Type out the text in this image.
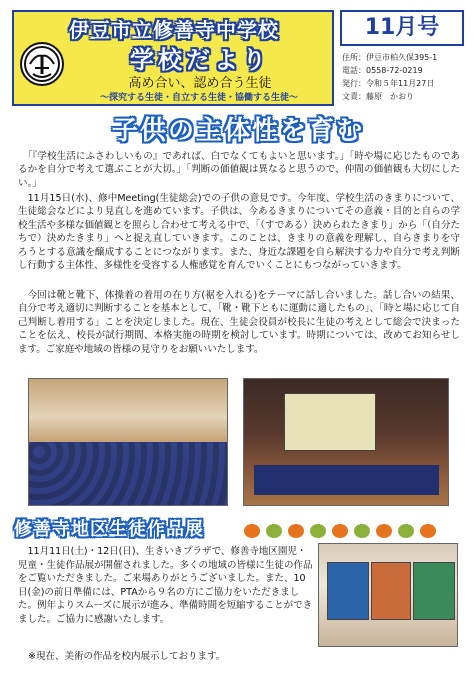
伊豆市立修善寺中学校
学校だより
高め合い、認め合う生徒
～探究する生徒・自立する生徒・協働する生徒～
11月号
住所：伊豆市柏久保395-1
電話：0558-72-0219
発行：令和５年11月27日
文責：藤原　かおり
子供の主体性を育む
　「『学校生活にふさわしいもの』であれば、白でなくてもよいと思います。」「時や場に応じたものであるかを自分で考えて選ぶことが大切。」「判断の価値観は異なると思うので、仲間の価値観も大切にしたい。」
　11月15日(水)、修中Meeting(生徒総会)での子供の意見です。今年度、学校生活のきまりについて、生徒総会などにより見直しを進めています。子供は、今あるきまりについてその意義・目的と自らの学校生活や多様な価値観とを照らし合わせて考える中で、「（すである）決められたきまり」から「（自分たちで）決めたきまり」へと捉え直していきます。このことは、きまりの意義を理解し、自らきまりを守ろうとする意識を醸成することにつながります。また、身近な課題を自ら解決する力や自分で考え判断し行動する主体性、多様性を受容する人権感覚を育んでいくことにもつながっていきます。
　今回は靴と靴下、体操着の着用の在り方(裾を入れる)をテーマに話し合いました。話し合いの結果、自分で考え適切に判断することを基本として、「靴・靴下ともに運動に適したもの」、「時と場に応じて自己判断し着用する」ことを決定しました。現在、生徒会役員が校長に生徒の考えとして総会で決まったことを伝え、校長が試行期間、本格実施の時期を検討しています。時期については、改めてお知らせします。ご家庭や地域の皆様の見守りをお願いいたします。
修善寺地区生徒作品展
　11月11日(土)・12日(日)、生きいきプラザで、修善寺地区園児・児童・生徒作品展が開催されました。多くの地域の皆様に生徒の作品をご覧いただきました。ご来場ありがとうございました。また、10日(金)の前日準備には、PTAから９名の方にご協力をいただきました。例年よりスムーズに展示が進み、準備時間を短縮することができました。ご協力に感謝いたします。
※現在、美術の作品を校内展示しております。
